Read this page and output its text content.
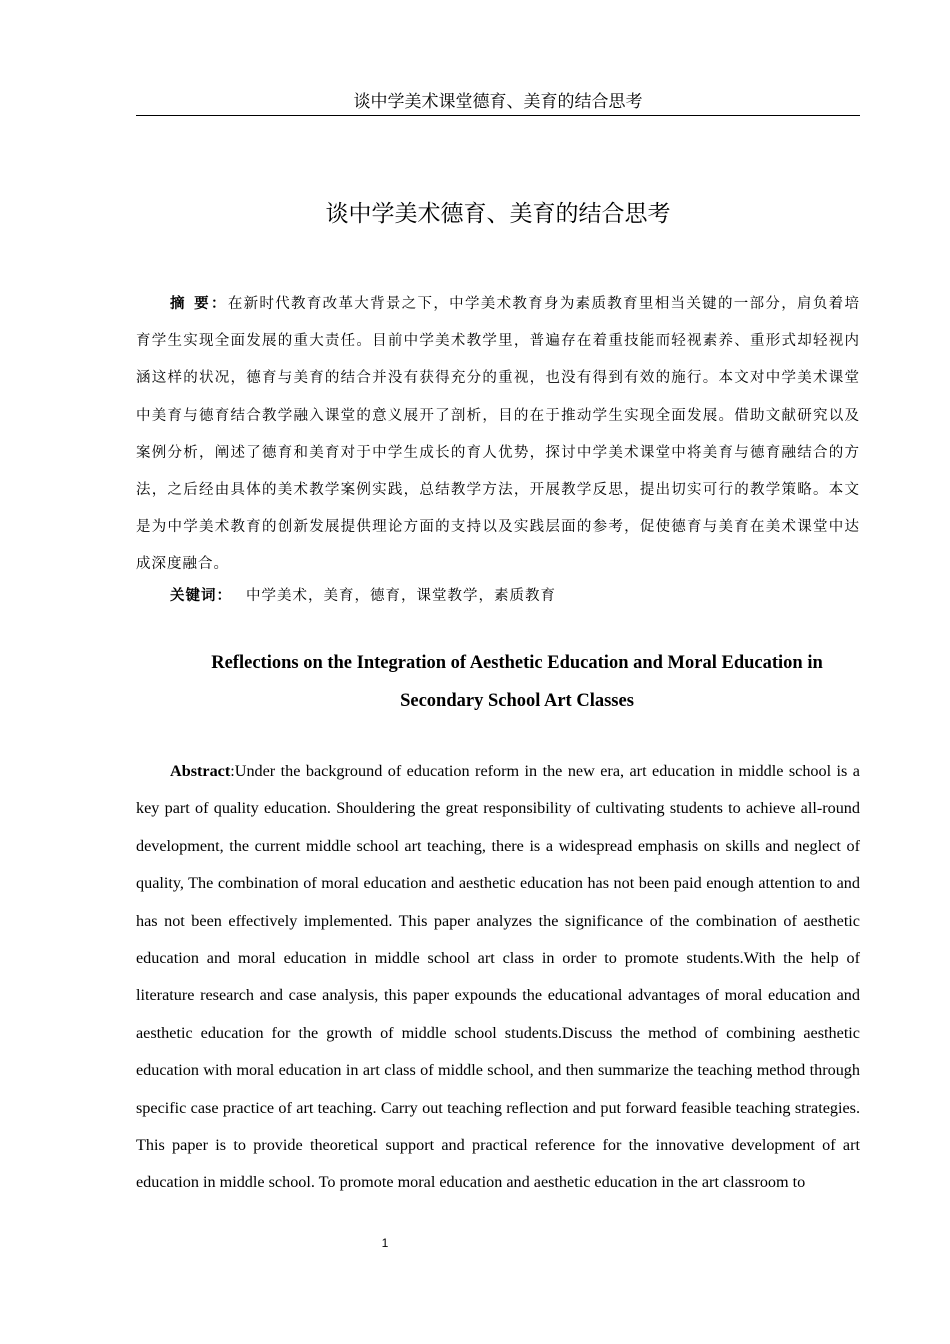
谈中学美术课堂德育、美育的结合思考
谈中学美术德育、美育的结合思考
摘 要：在新时代教育改革大背景之下，中学美术教育身为素质教育里相当关键的一部分，肩负着培育学生实现全面发展的重大责任。目前中学美术教学里，普遍存在着重技能而轻视素养、重形式却轻视内涵这样的状况，德育与美育的结合并没有获得充分的重视，也没有得到有效的施行。本文对中学美术课堂中美育与德育结合教学融入课堂的意义展开了剖析，目的在于推动学生实现全面发展。借助文献研究以及案例分析，阐述了德育和美育对于中学生成长的育人优势，探讨中学美术课堂中将美育与德育融结合的方法，之后经由具体的美术教学案例实践，总结教学方法，开展教学反思，提出切实可行的教学策略。本文是为中学美术教育的创新发展提供理论方面的支持以及实践层面的参考，促使德育与美育在美术课堂中达成深度融合。
关键词： 中学美术，美育，德育，课堂教学，素质教育
Reflections on the Integration of Aesthetic Education and Moral Education in Secondary School Art Classes
Abstract:Under the background of education reform in the new era, art education in middle school is a key part of quality education. Shouldering the great responsibility of cultivating students to achieve all-round development, the current middle school art teaching, there is a widespread emphasis on skills and neglect of quality, The combination of moral education and aesthetic education has not been paid enough attention to and has not been effectively implemented. This paper analyzes the significance of the combination of aesthetic education and moral education in middle school art class in order to promote students.With the help of literature research and case analysis, this paper expounds the educational advantages of moral education and aesthetic education for the growth of middle school students.Discuss the method of combining aesthetic education with moral education in art class of middle school, and then summarize the teaching method through specific case practice of art teaching. Carry out teaching reflection and put forward feasible teaching strategies. This paper is to provide theoretical support and practical reference for the innovative development of art education in middle school. To promote moral education and aesthetic education in the art classroom to
1
